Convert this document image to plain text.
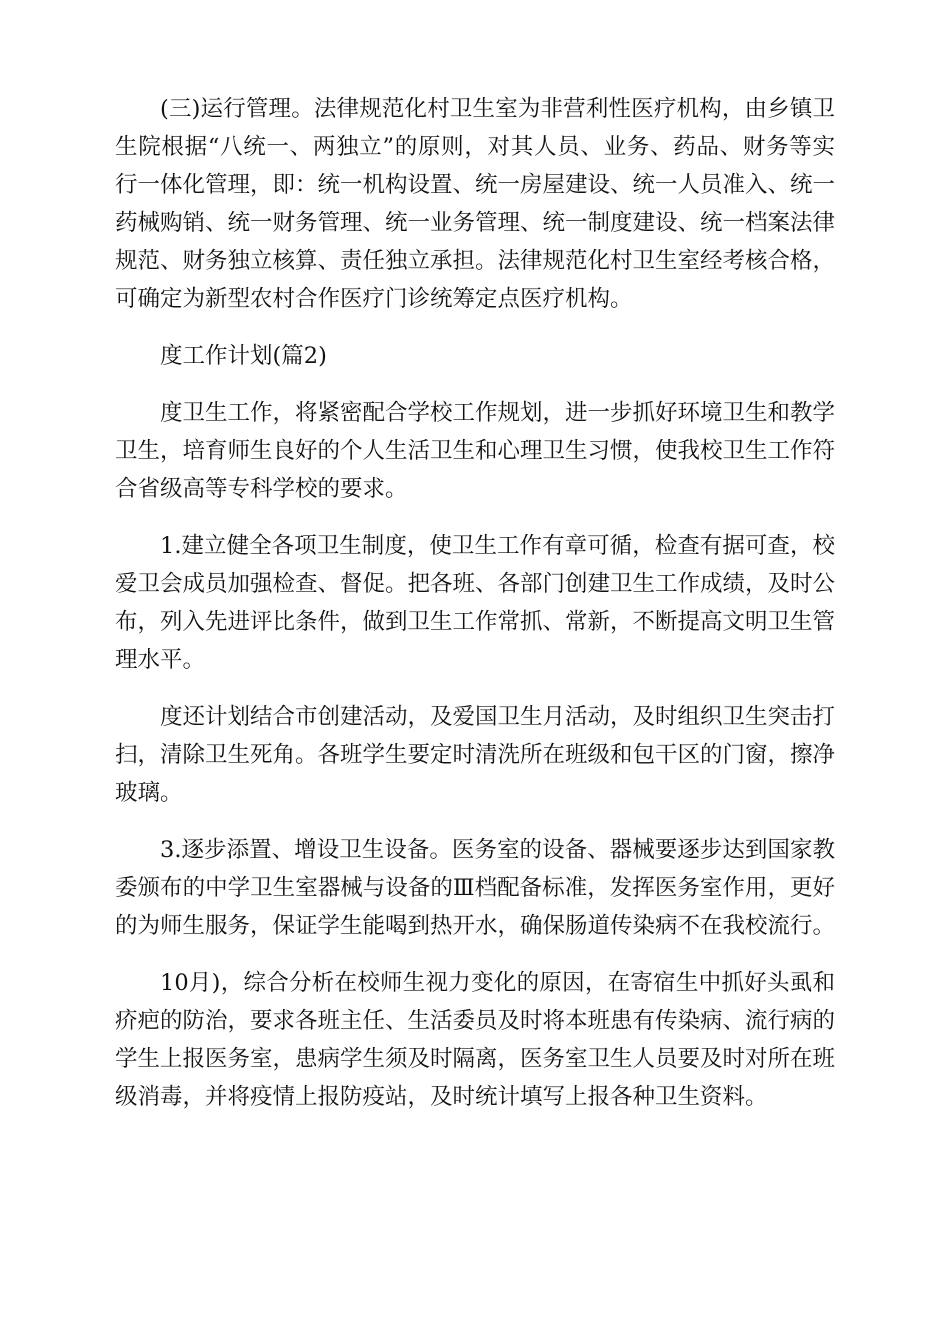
(三)运行管理。法律规范化村卫生室为非营利性医疗机构，由乡镇卫生院根据“八统一、两独立”的原则，对其人员、业务、药品、财务等实行一体化管理，即：统一机构设置、统一房屋建设、统一人员准入、统一药械购销、统一财务管理、统一业务管理、统一制度建设、统一档案法律规范、财务独立核算、责任独立承担。法律规范化村卫生室经考核合格，可确定为新型农村合作医疗门诊统筹定点医疗机构。

度工作计划(篇2)

度卫生工作，将紧密配合学校工作规划，进一步抓好环境卫生和教学卫生，培育师生良好的个人生活卫生和心理卫生习惯，使我校卫生工作符合省级高等专科学校的要求。

1.建立健全各项卫生制度，使卫生工作有章可循，检查有据可查，校爱卫会成员加强检查、督促。把各班、各部门创建卫生工作成绩，及时公布，列入先进评比条件，做到卫生工作常抓、常新，不断提高文明卫生管理水平。

度还计划结合市创建活动，及爱国卫生月活动，及时组织卫生突击打扫，清除卫生死角。各班学生要定时清洗所在班级和包干区的门窗，擦净玻璃。

3.逐步添置、增设卫生设备。医务室的设备、器械要逐步达到国家教委颁布的中学卫生室器械与设备的Ⅲ档配备标准，发挥医务室作用，更好的为师生服务，保证学生能喝到热开水，确保肠道传染病不在我校流行。

10月)，综合分析在校师生视力变化的原因，在寄宿生中抓好头虱和疥疤的防治，要求各班主任、生活委员及时将本班患有传染病、流行病的学生上报医务室，患病学生须及时隔离，医务室卫生人员要及时对所在班级消毒，并将疫情上报防疫站，及时统计填写上报各种卫生资料。
